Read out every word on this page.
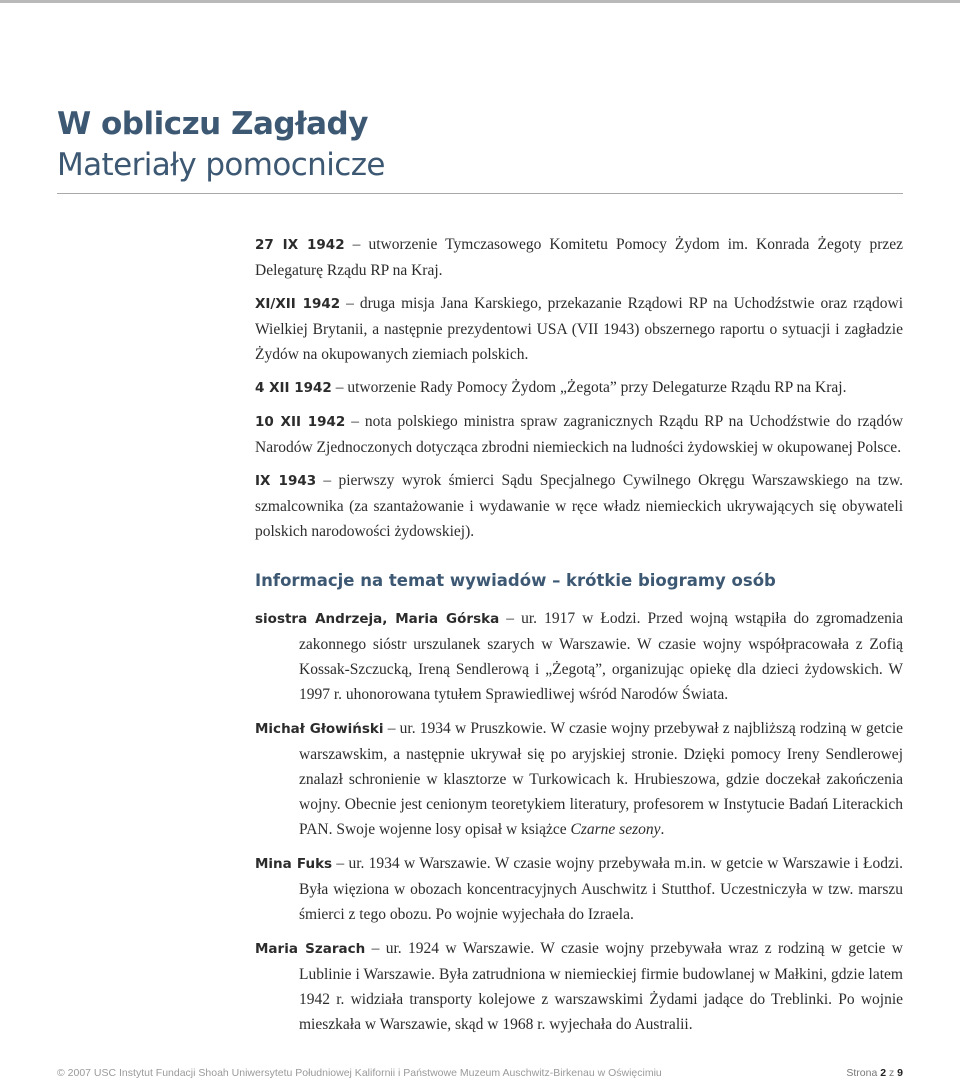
W obliczu Zagłady
Materiały pomocnicze

27 IX 1942 – utworzenie Tymczasowego Komitetu Pomocy Żydom im. Konrada Żegoty przez Delegaturę Rządu RP na Kraj.

XI/XII 1942 – druga misja Jana Karskiego, przekazanie Rządowi RP na Uchodźstwie oraz rządowi Wielkiej Brytanii, a następnie prezydentowi USA (VII 1943) obszernego raportu o sytuacji i zagładzie Żydów na okupowanych ziemiach polskich.

4 XII 1942 – utworzenie Rady Pomocy Żydom „Żegota” przy Delegaturze Rządu RP na Kraj.

10 XII 1942 – nota polskiego ministra spraw zagranicznych Rządu RP na Uchodźstwie do rządów Narodów Zjednoczonych dotycząca zbrodni niemieckich na ludności żydowskiej w okupowanej Polsce.

IX 1943 – pierwszy wyrok śmierci Sądu Specjalnego Cywilnego Okręgu Warszawskiego na tzw. szmalcownika (za szantażowanie i wydawanie w ręce władz niemieckich ukrywających się obywateli polskich narodowości żydowskiej).

Informacje na temat wywiadów – krótkie biogramy osób

siostra Andrzeja, Maria Górska – ur. 1917 w Łodzi. Przed wojną wstąpiła do zgromadzenia zakonnego sióstr urszulanek szarych w Warszawie. W czasie wojny współpracowała z Zofią Kossak-Szczucką, Ireną Sendlerową i „Żegotą”, organizując opiekę dla dzieci żydowskich. W 1997 r. uhonorowana tytułem Sprawiedliwej wśród Narodów Świata.

Michał Głowiński – ur. 1934 w Pruszkowie. W czasie wojny przebywał z najbliższą rodziną w getcie warszawskim, a następnie ukrywał się po aryjskiej stronie. Dzięki pomocy Ireny Sendlerowej znalazł schronienie w klasztorze w Turkowicach k. Hrubieszowa, gdzie doczekał zakończenia wojny. Obecnie jest cenionym teoretykiem literatury, profesorem w Instytucie Badań Literackich PAN. Swoje wojenne losy opisał w książce Czarne sezony.

Mina Fuks – ur. 1934 w Warszawie. W czasie wojny przebywała m.in. w getcie w Warszawie i Łodzi. Była więziona w obozach koncentracyjnych Auschwitz i Stutthof. Uczestniczyła w tzw. marszu śmierci z tego obozu. Po wojnie wyjechała do Izraela.

Maria Szarach – ur. 1924 w Warszawie. W czasie wojny przebywała wraz z rodziną w getcie w Lublinie i Warszawie. Była zatrudniona w niemieckiej firmie budowlanej w Małkini, gdzie latem 1942 r. widziała transporty kolejowe z warszawskimi Żydami jadące do Treblinki. Po wojnie mieszkała w Warszawie, skąd w 1968 r. wyjechała do Australii.

© 2007 USC Instytut Fundacji Shoah Uniwersytetu Południowej Kalifornii i Państwowe Muzeum Auschwitz-Birkenau w Oświęcimiu	Strona 2 z 9
